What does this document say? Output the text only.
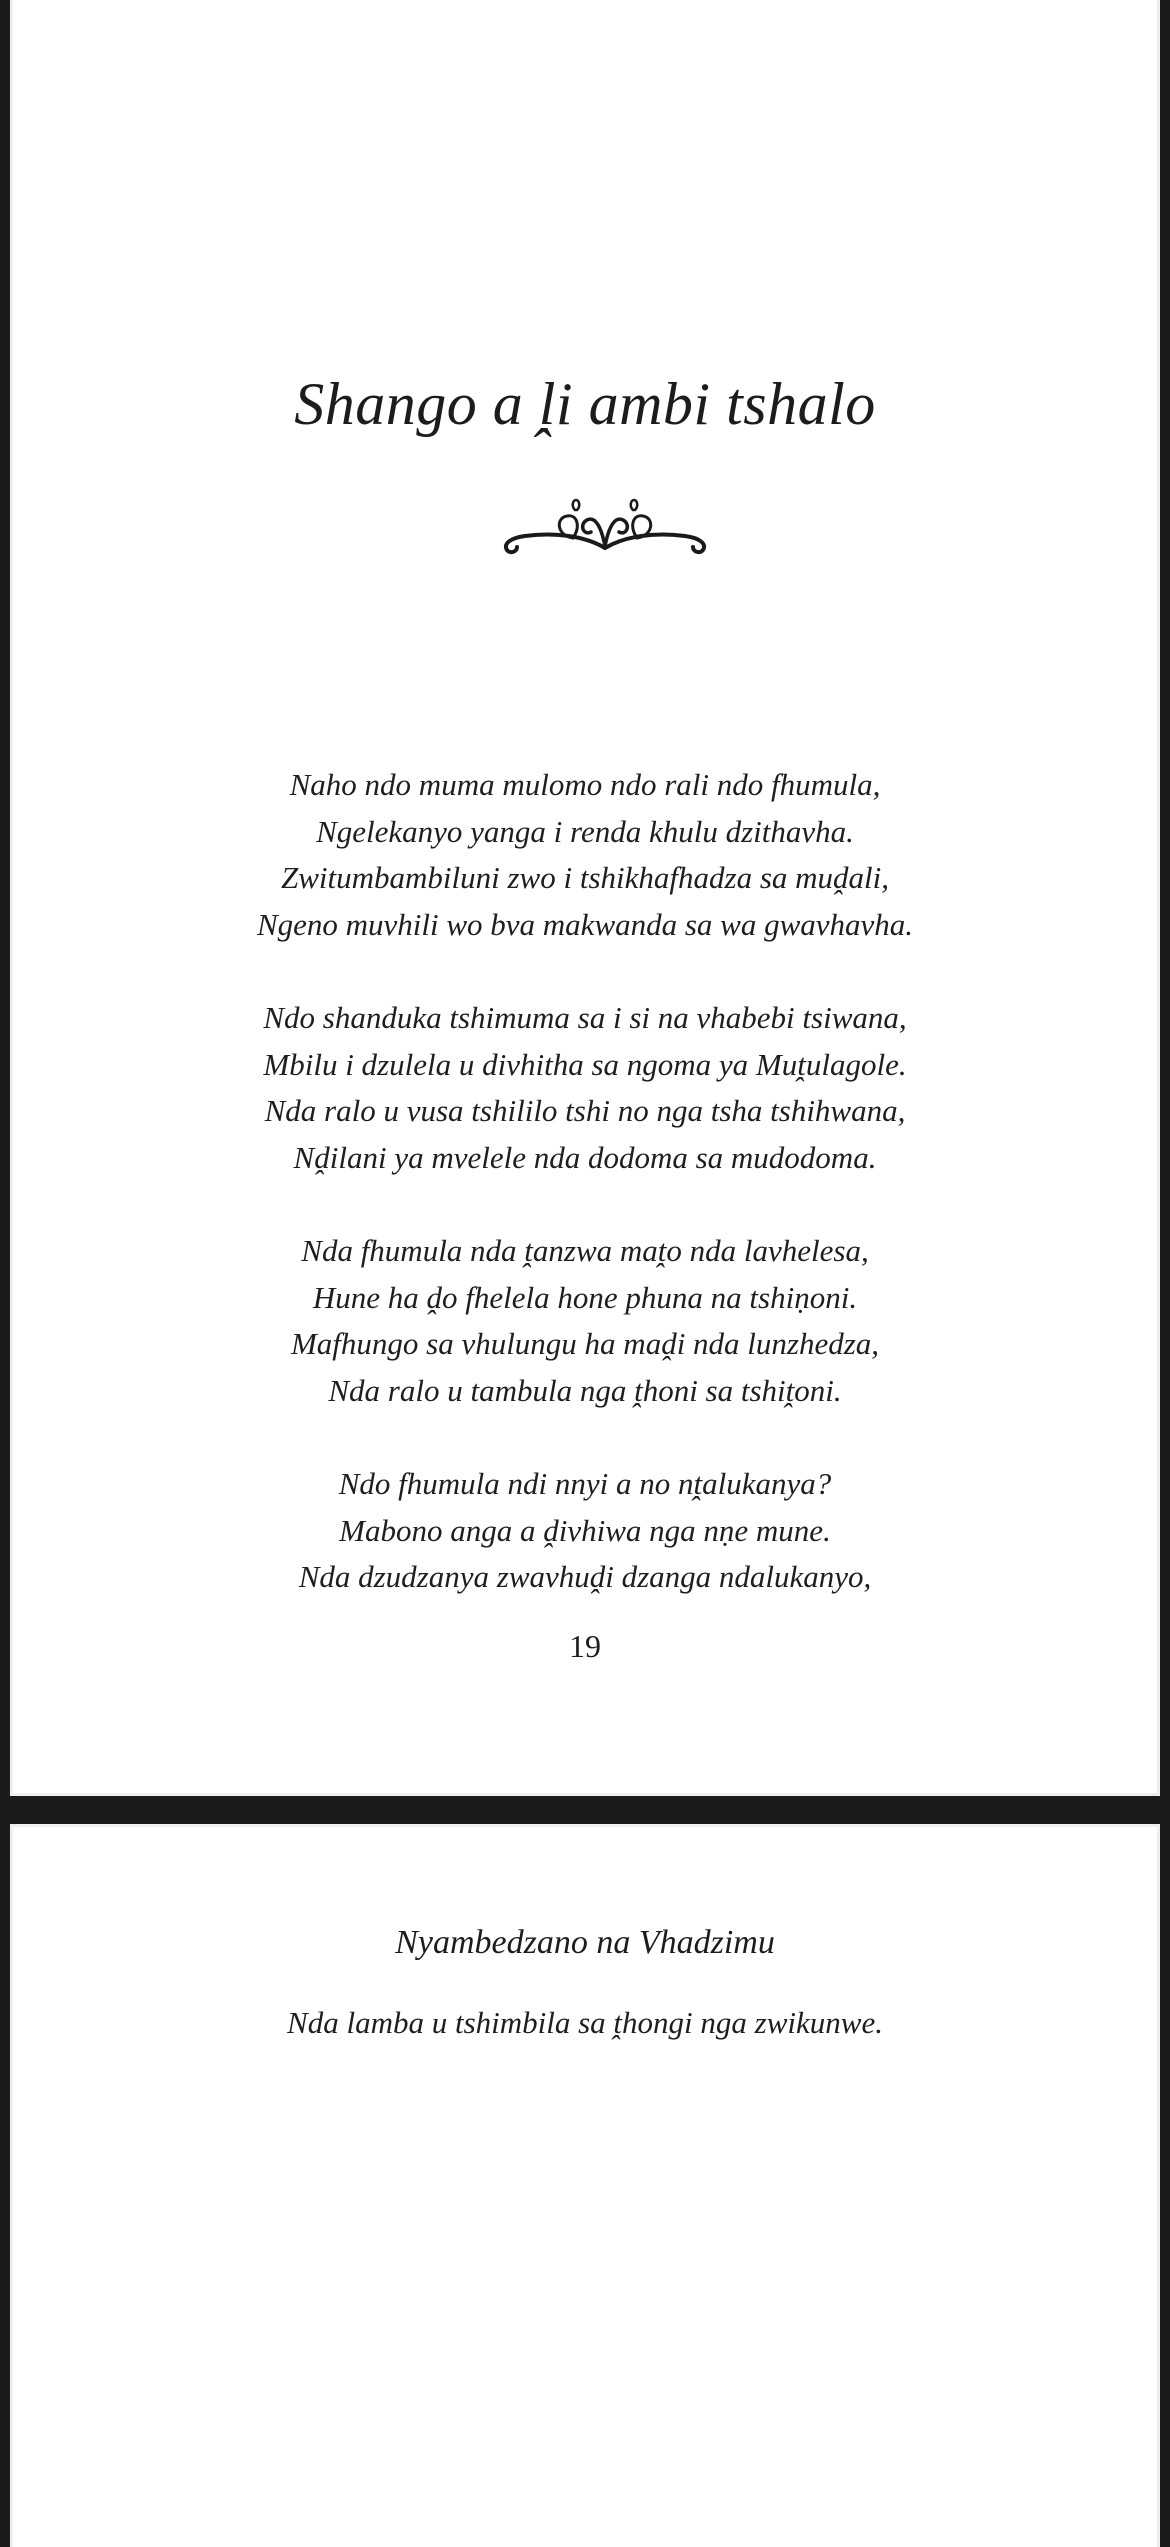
Shango a ḽi ambi tshalo
Naho ndo muma mulomo ndo rali ndo fhumula,
Ngelekanyo yanga i renda khulu dzithavha.
Zwitumbambiluni zwo i tshikhafhadza sa muḓali,
Ngeno muvhili wo bva makwanda sa wa gwavhavha.
Ndo shanduka tshimuma sa i si na vhabebi tsiwana,
Mbilu i dzulela u divhitha sa ngoma ya Muṱulagole.
Nda ralo u vusa tshililo tshi no nga tsha tshihwana,
Nḓilani ya mvelele nda dodoma sa mudodoma.
Nda fhumula nda ṱanzwa maṱo nda lavhelesa,
Hune ha ḓo fhelela hone phuna na tshiṇoni.
Mafhungo sa vhulungu ha maḓi nda lunzhedza,
Nda ralo u tambula nga ṱhoni sa tshiṱoni.
Ndo fhumula ndi nnyi a no nṱalukanya?
Mabono anga a ḓivhiwa nga nṇe mune.
Nda dzudzanya zwavhuḓi dzanga ndalukanyo,
19
Nyambedzano na Vhadzimu
Nda lamba u tshimbila sa ṱhongi nga zwikunwe.
